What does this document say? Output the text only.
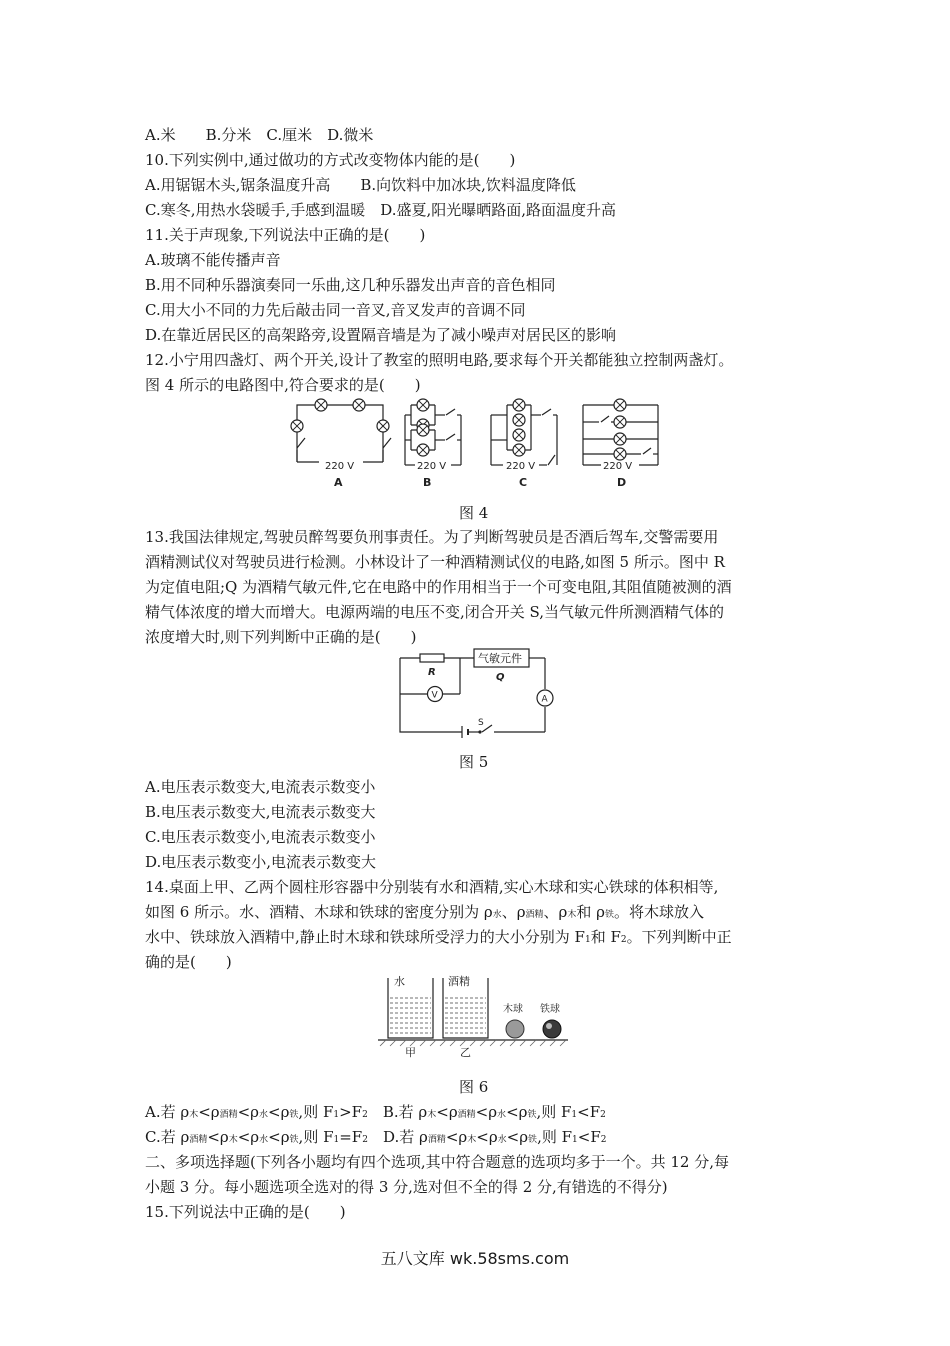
A.米　　B.分米　C.厘米　D.微米
10.下列实例中,通过做功的方式改变物体内能的是(　　)
A.用锯锯木头,锯条温度升高　　B.向饮料中加冰块,饮料温度降低
C.寒冬,用热水袋暖手,手感到温暖　D.盛夏,阳光曝晒路面,路面温度升高
11.关于声现象,下列说法中正确的是(　　)
A.玻璃不能传播声音
B.用不同种乐器演奏同一乐曲,这几种乐器发出声音的音色相同
C.用大小不同的力先后敲击同一音叉,音叉发声的音调不同
D.在靠近居民区的高架路旁,设置隔音墙是为了减小噪声对居民区的影响
12.小宁用四盏灯、两个开关,设计了教室的照明电路,要求每个开关都能独立控制两盏灯。
图 4 所示的电路图中,符合要求的是(　　)
220 V	220 V	220 V	220 V
A	B	C	D
图 4
13.我国法律规定,驾驶员醉驾要负刑事责任。为了判断驾驶员是否酒后驾车,交警需要用
酒精测试仪对驾驶员进行检测。小林设计了一种酒精测试仪的电路,如图 5 所示。图中 R
为定值电阻;Q 为酒精气敏元件,它在电路中的作用相当于一个可变电阻,其阻值随被测的酒
精气体浓度的增大而增大。电源两端的电压不变,闭合开关 S,当气敏元件所测酒精气体的
浓度增大时,则下列判断中正确的是(　　)
R
气敏元件
Q
V	A
S
图 5
A.电压表示数变大,电流表示数变小
B.电压表示数变大,电流表示数变大
C.电压表示数变小,电流表示数变小
D.电压表示数变小,电流表示数变大
14.桌面上甲、乙两个圆柱形容器中分别装有水和酒精,实心木球和实心铁球的体积相等,
如图 6 所示。水、酒精、木球和铁球的密度分别为 ρ水、ρ酒精、ρ木和 ρ铁。将木球放入
水中、铁球放入酒精中,静止时木球和铁球所受浮力的大小分别为 F1和 F2。下列判断中正
确的是(　　)
水	酒精
木球 铁球
甲	乙
图 6
A.若 ρ木<ρ酒精<ρ水<ρ铁,则 F1>F2　 B.若 ρ木<ρ酒精<ρ水<ρ铁,则 F1<F2
C.若 ρ酒精<ρ木<ρ水<ρ铁,则 F1=F2　 D.若 ρ酒精<ρ木<ρ水<ρ铁,则 F1<F2
二、多项选择题(下列各小题均有四个选项,其中符合题意的选项均多于一个。共 12 分,每
小题 3 分。每小题选项全选对的得 3 分,选对但不全的得 2 分,有错选的不得分)
15.下列说法中正确的是(　　)
五八文库 wk.58sms.com
